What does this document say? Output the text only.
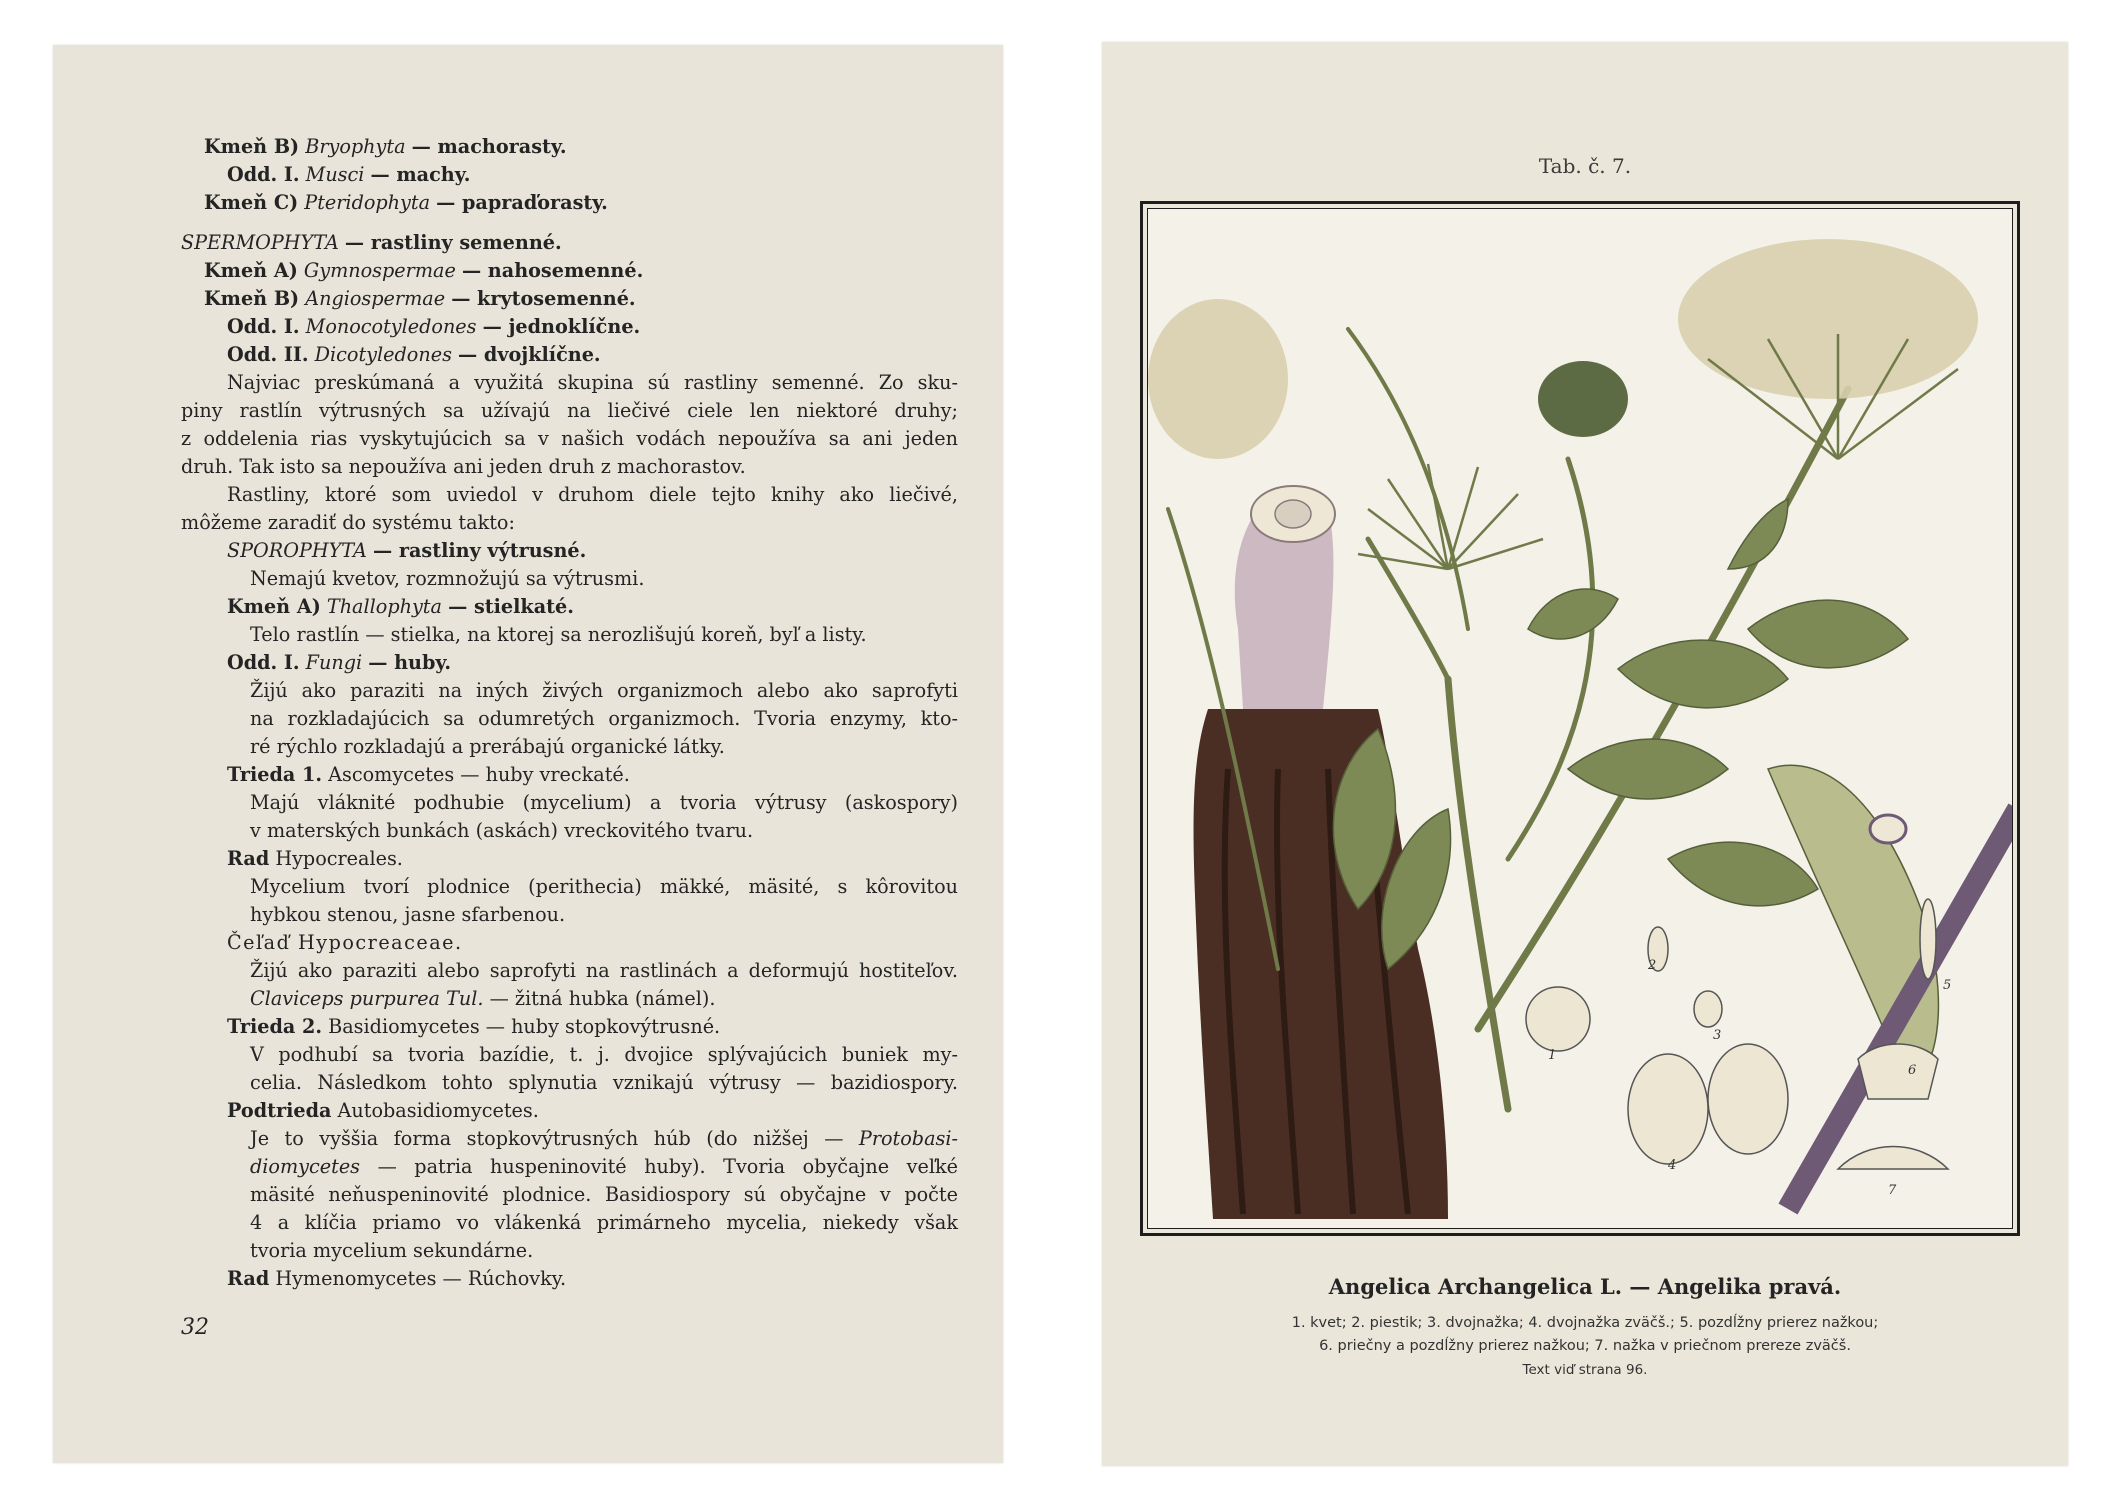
Kmeň B) Bryophyta — machorasty.
Odd. I. Musci — machy.
Kmeň C) Pteridophyta — papraďorasty.
SPERMOPHYTA — rastliny semenné.
Kmeň A) Gymnospermae — nahosemenné.
Kmeň B) Angiospermae — krytosemenné.
Odd. I. Monocotyledones — jednoklíčne.
Odd. II. Dicotyledones — dvojklíčne.
Najviac preskúmaná a využitá skupina sú rastliny semenné. Zo sku-
piny rastlín výtrusných sa užívajú na liečivé ciele len niektoré druhy;
z oddelenia rias vyskytujúcich sa v našich vodách nepoužíva sa ani jeden
druh. Tak isto sa nepoužíva ani jeden druh z machorastov.
Rastliny, ktoré som uviedol v druhom diele tejto knihy ako liečivé,
môžeme zaradiť do systému takto:
SPOROPHYTA — rastliny výtrusné.
Nemajú kvetov, rozmnožujú sa výtrusmi.
Kmeň A) Thallophyta — stielkaté.
Telo rastlín — stielka, na ktorej sa nerozlišujú koreň, byľ a listy.
Odd. I. Fungi — huby.
Žijú ako paraziti na iných živých organizmoch alebo ako saprofyti
na rozkladajúcich sa odumretých organizmoch. Tvoria enzymy, kto-
ré rýchlo rozkladajú a prerábajú organické látky.
Trieda 1. Ascomycetes — huby vreckaté.
Majú vláknité podhubie (mycelium) a tvoria výtrusy (askospory)
v materských bunkách (askách) vreckovitého tvaru.
Rad Hypocreales.
Mycelium tvorí plodnice (perithecia) mäkké, mäsité, s kôrovitou
hybkou stenou, jasne sfarbenou.
Čeľaď Hypocreaceae.
Žijú ako paraziti alebo saprofyti na rastlinách a deformujú hostiteľov.
Claviceps purpurea Tul. — žitná hubka (námel).
Trieda 2. Basidiomycetes — huby stopkovýtrusné.
V podhubí sa tvoria bazídie, t. j. dvojice splývajúcich buniek my-
celia. Následkom tohto splynutia vznikajú výtrusy — bazidiospory.
Podtrieda Autobasidiomycetes.
Je to vyššia forma stopkovýtrusných húb (do nižšej — Protobasi-
diomycetes — patria huspeninovité huby). Tvoria obyčajne veľké
mäsité neňuspeninovité plodnice. Basidiospory sú obyčajne v počte
4 a klíčia priamo vo vlákenká primárneho mycelia, niekedy však
tvoria mycelium sekundárne.
Rad Hymenomycetes — Rúchovky.
32
Tab. č. 7.
1
2
3
4
5
6
7
Angelica Archangelica L. — Angelika pravá.
1. kvet; 2. piestik; 3. dvojnažka; 4. dvojnažka zväčš.; 5. pozdĺžny prierez nažkou;
6. priečny a pozdĺžny prierez nažkou; 7. nažka v priečnom prereze zväčš.
Text viď strana 96.
